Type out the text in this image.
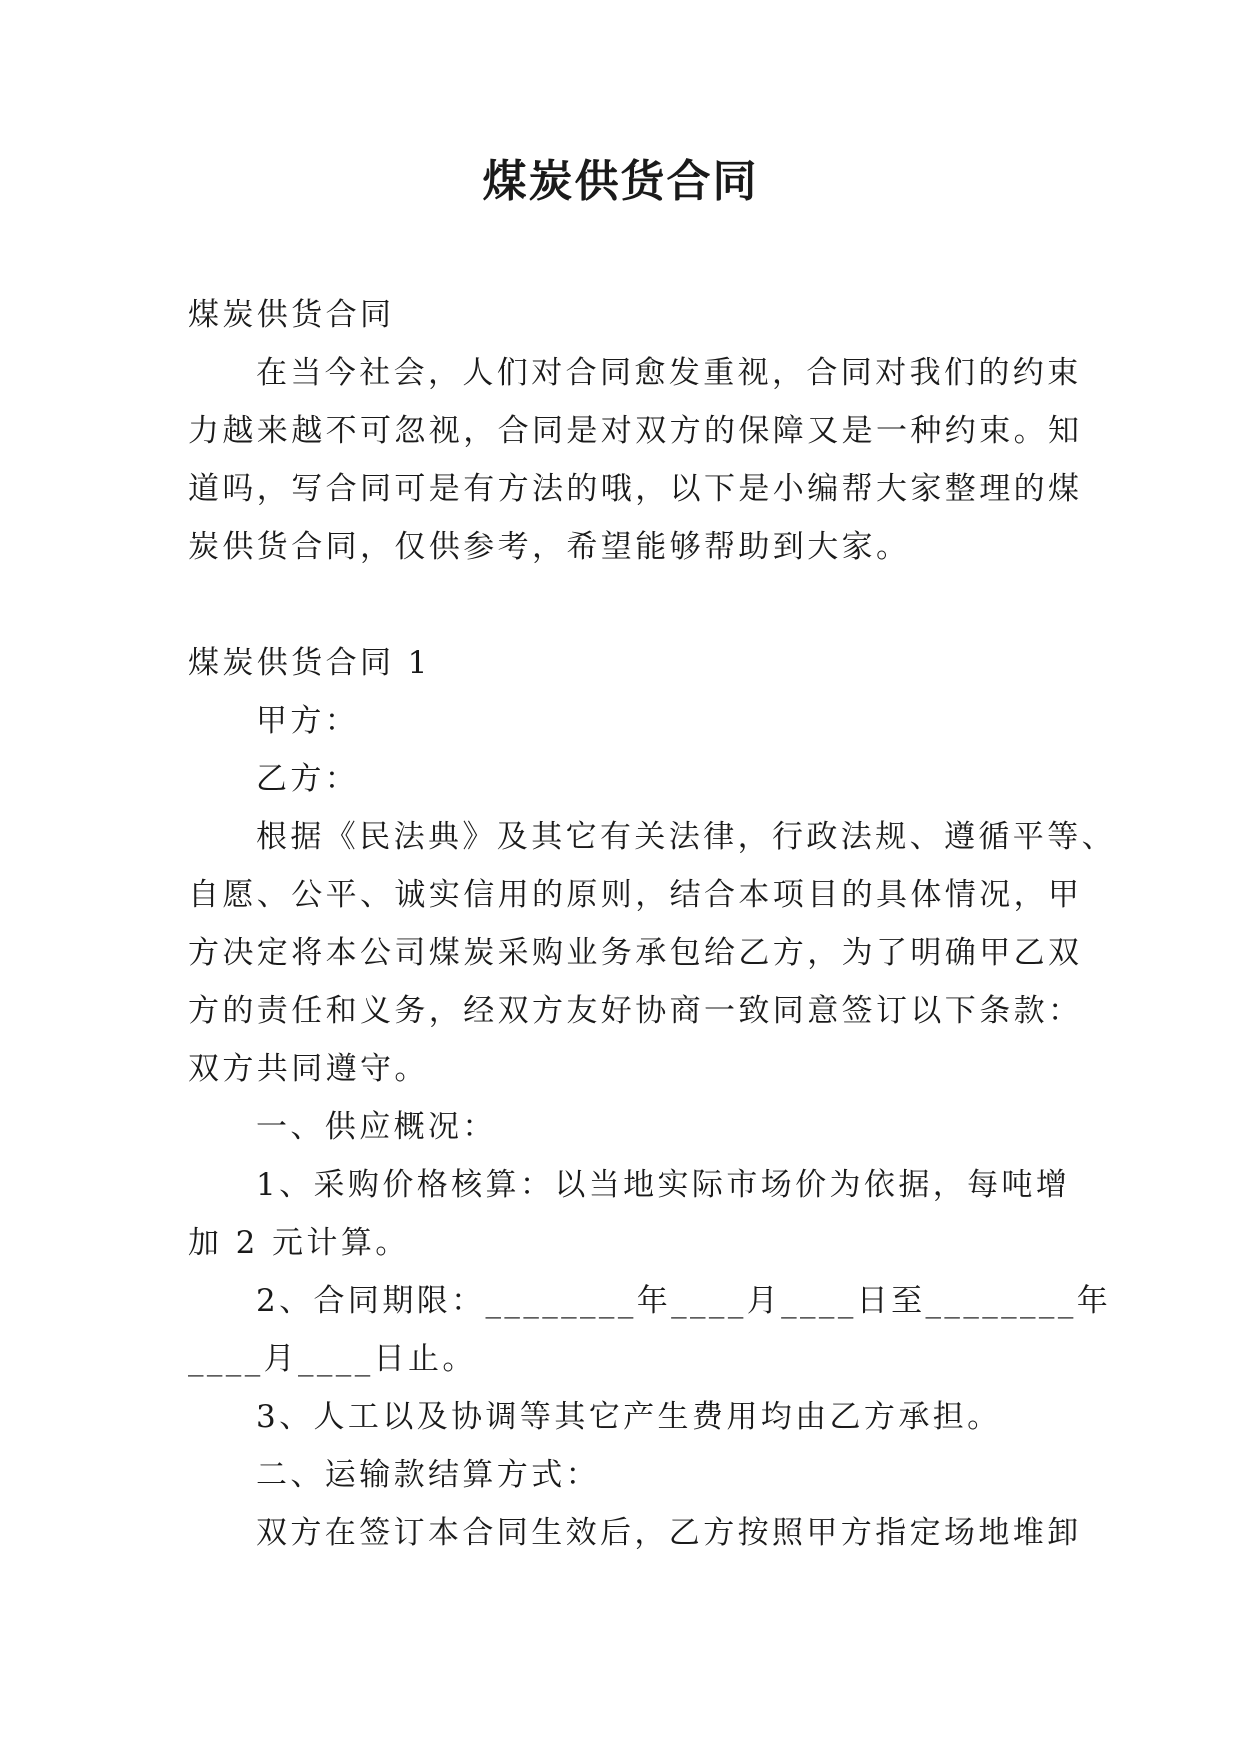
煤炭供货合同

煤炭供货合同

在当今社会，人们对合同愈发重视，合同对我们的约束

力越来越不可忽视，合同是对双方的保障又是一种约束。知

道吗，写合同可是有方法的哦，以下是小编帮大家整理的煤

炭供货合同，仅供参考，希望能够帮助到大家。

煤炭供货合同 1

甲方：

乙方：

根据《民法典》及其它有关法律，行政法规、遵循平等、

自愿、公平、诚实信用的原则，结合本项目的具体情况，甲

方决定将本公司煤炭采购业务承包给乙方，为了明确甲乙双

方的责任和义务，经双方友好协商一致同意签订以下条款：

双方共同遵守。

一、供应概况：

1、采购价格核算：以当地实际市场价为依据，每吨增

加 2 元计算。

2、合同期限：________年____月____日至________年

____月____日止。

3、人工以及协调等其它产生费用均由乙方承担。

二、运输款结算方式：

双方在签订本合同生效后，乙方按照甲方指定场地堆卸
